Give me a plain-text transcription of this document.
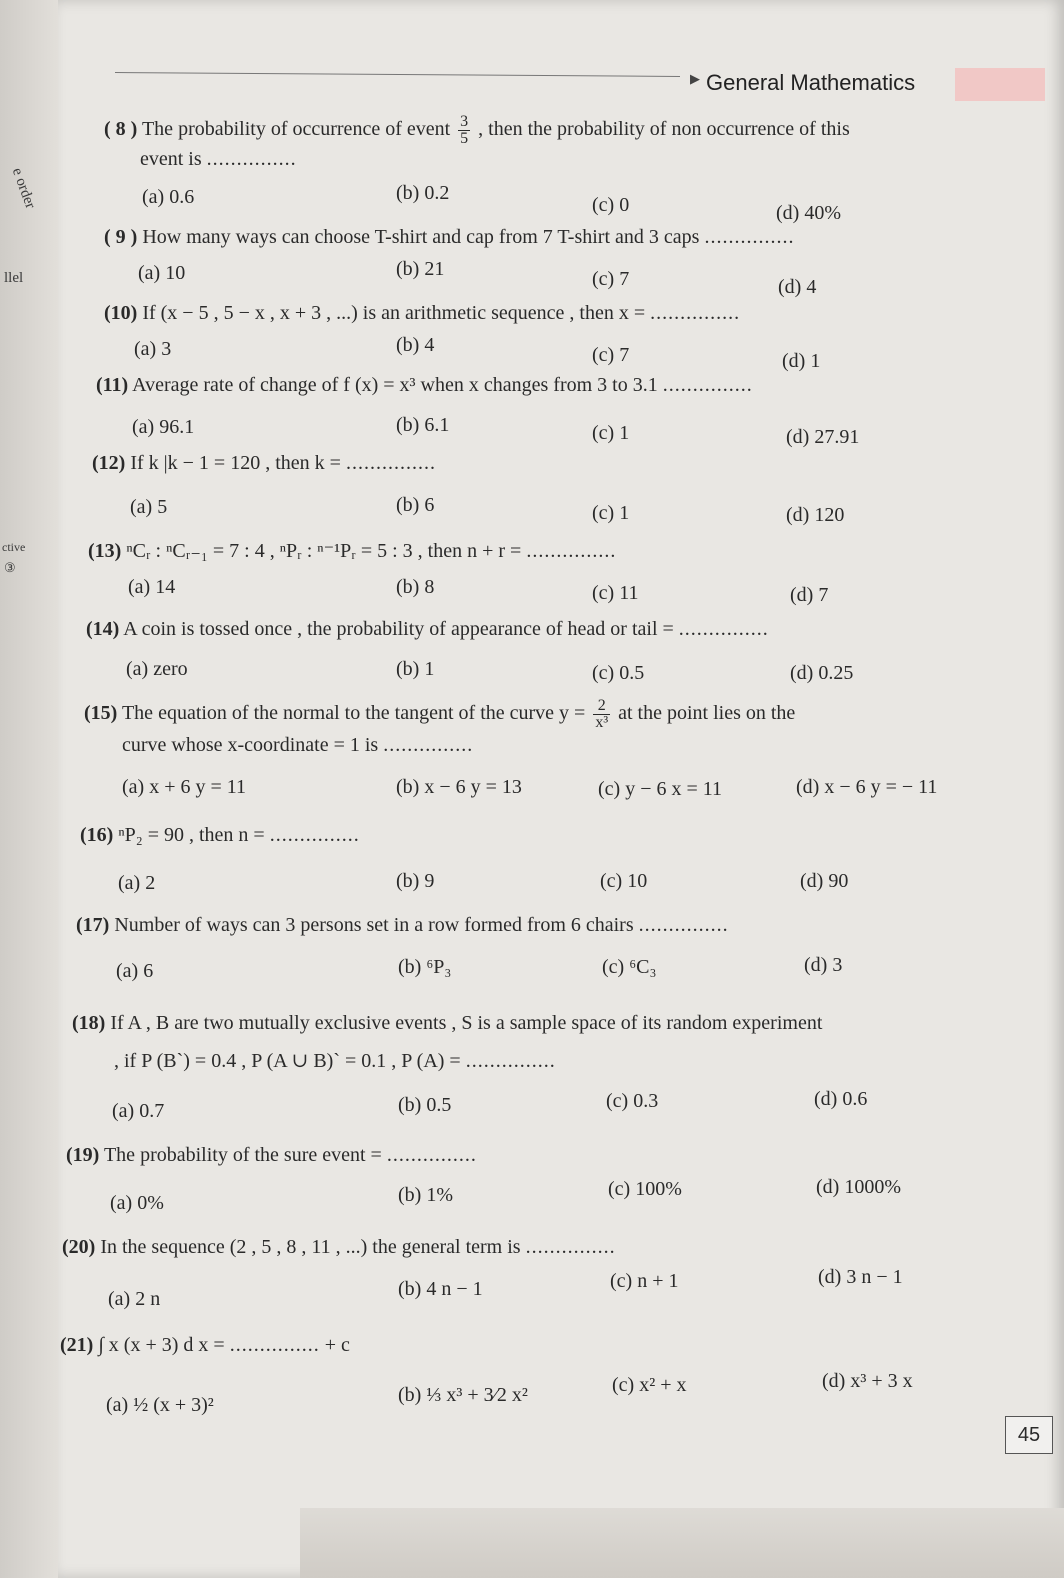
e order
llel
ctive
③
▶ General Mathematics
( 8 ) The probability of occurrence of event $\frac{3}{5}$ , then the probability of non occurrence of this
event is ...............
(a) 0.6	(b) 0.2
(c) 0	(d) 40%
( 9 ) How many ways can choose T-shirt and cap from 7 T-shirt and 3 caps ...............
(a) 10	(b) 21	(c) 7	(d) 4
(10) If (x − 5 , 5 − x , x + 3 , ...) is an arithmetic sequence , then x = ...............
(a) 3	(b) 4	(c) 7	(d) 1
(11) Average rate of change of f (x) = x³ when x changes from 3 to 3.1 ...............
(a) 96.1	(b) 6.1	(c) 1	(d) 27.91
(12) If k |k − 1 = 120 , then k = ...............
(a) 5	(b) 6	(c) 1	(d) 120
(13) ⁿCᵣ : ⁿCᵣ₋₁ = 7 : 4 , ⁿPᵣ : ⁿ⁻¹Pᵣ = 5 : 3 , then n + r = ...............
(a) 14	(b) 8	(c) 11	(d) 7
(14) A coin is tossed once , the probability of appearance of head or tail = ...............
(a) zero	(b) 1	(c) 0.5	(d) 0.25
(15) The equation of the normal to the tangent of the curve $y = \frac{2}{\text{x³}}$ at the point lies on the
curve whose x-coordinate = 1 is ...............
(a) x + 6 y = 11	(b) x − 6 y = 13	(c) y − 6 x = 11	(d) x − 6 y = − 11
(16) ⁿP₂ = 90 , then n = ...............
(a) 2	(b) 9	(c) 10	(d) 90
(17) Number of ways can 3 persons set in a row formed from 6 chairs ...............
(a) 6	(b) ⁶P₃	(c) ⁶C₃	(d) 3
(18) If A , B are two mutually exclusive events , S is a sample space of its random experiment
, if P (B`) = 0.4 , P (A ∪ B)` = 0.1 , P (A) = ...............
(a) 0.7	(b) 0.5	(c) 0.3	(d) 0.6
(19) The probability of the sure event = ...............
(a) 0%	(b) 1%	(c) 100%	(d) 1000%
(20) In the sequence (2 , 5 , 8 , 11 , ...) the general term is ...............
(a) 2 n	(b) 4 n − 1	(c) n + 1	(d) 3 n − 1
(21) ∫ x (x + 3) d x = ............... + c
(a) ½ (x + 3)²	(b) ⅓ x³ + 3⁄2 x²	(c) x² + x	(d) x³ + 3 x
45
